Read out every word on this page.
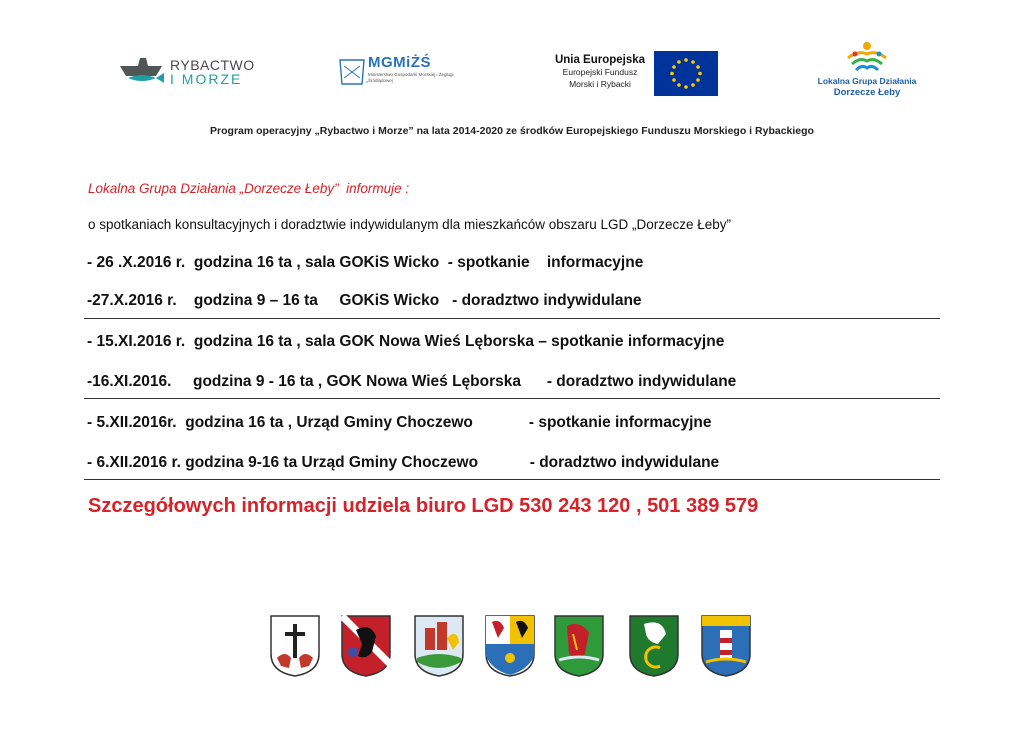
RYBACTWO
I MORZE
MGMiŻŚ
Ministerstwo Gospodarki Morskiej i Żeglugi Śródlądowej
Unia Europejska
Europejski Fundusz
Morski i Rybacki	Lokalna Grupa Działania
Dorzecze Łeby
Program operacyjny „Rybactwo i Morze” na lata 2014-2020 ze środków Europejskiego Funduszu Morskiego i Rybackiego
Lokalna Grupa Działania „Dorzecze Łeby”  informuje :
o spotkaniach konsultacyjnych i doradztwie indywidulanym dla mieszkańców obszaru LGD „Dorzecze Łeby”
- 26 .X.2016 r.  godzina 16 ta , sala GOKiS Wicko  - spotkanie    informacyjne
-27.X.2016 r.    godzina 9 – 16 ta     GOKiS Wicko   - doradztwo indywidulane
- 15.XI.2016 r.  godzina 16 ta , sala GOK Nowa Wieś Lęborska – spotkanie informacyjne
-16.XI.2016.     godzina 9 - 16 ta , GOK Nowa Wieś Lęborska      - doradztwo indywidulane
- 5.XII.2016r.  godzina 16 ta , Urząd Gminy Choczewo             - spotkanie informacyjne
- 6.XII.2016 r. godzina 9-16 ta Urząd Gminy Choczewo            - doradztwo indywidulane
Szczegółowych informacji udziela biuro LGD 530 243 120 , 501 389 579
